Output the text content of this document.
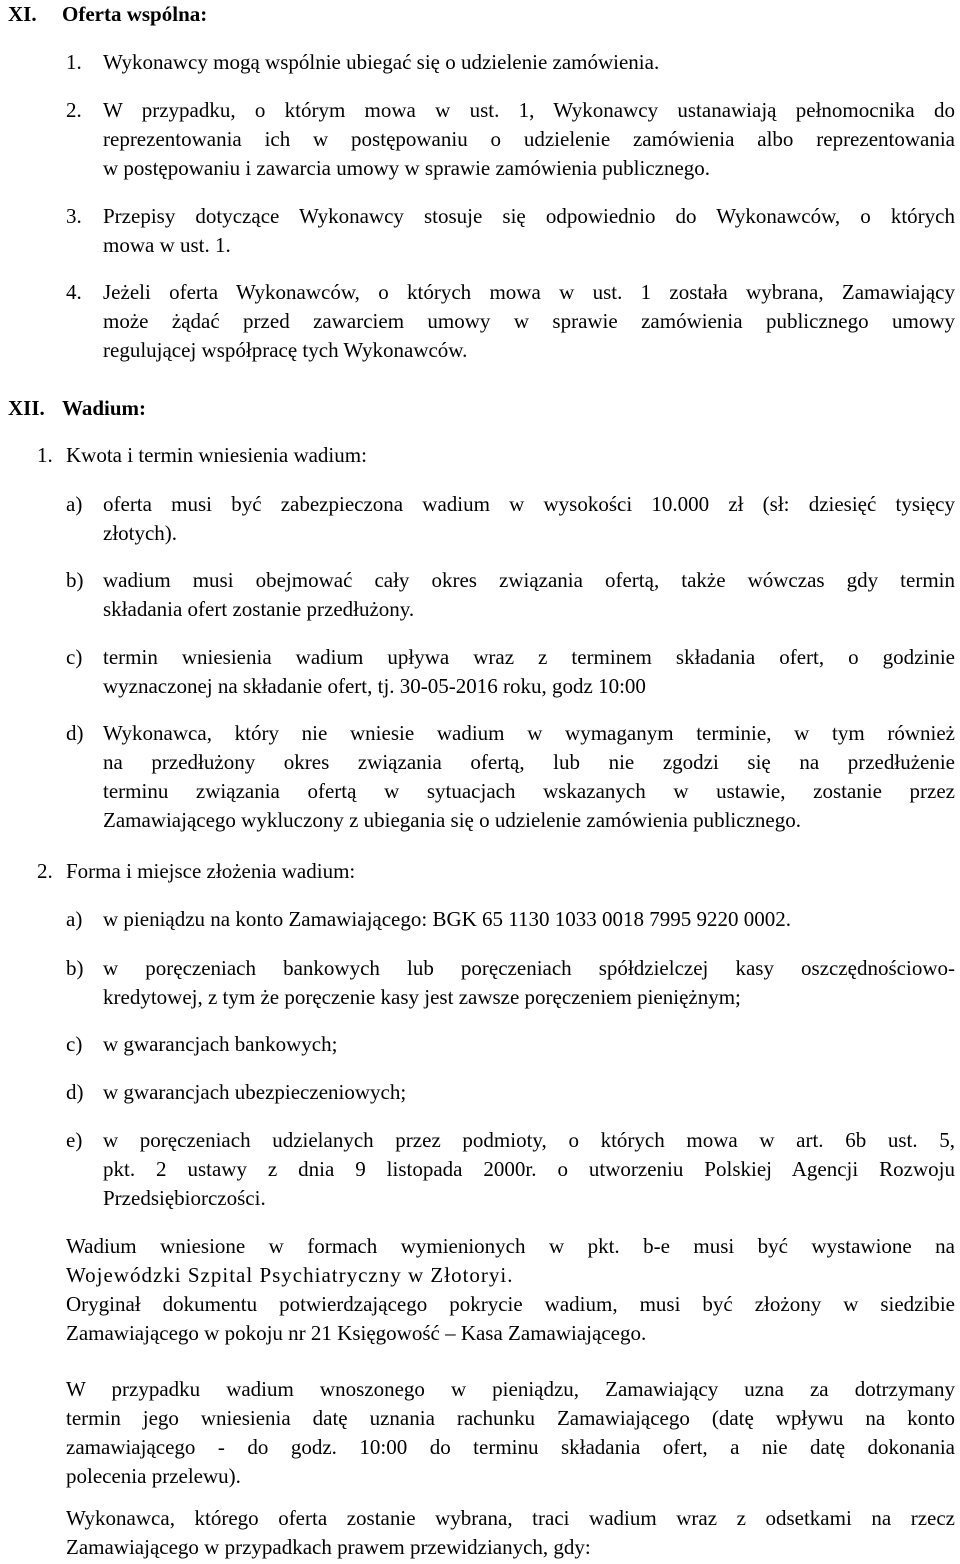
XI. Oferta wspólna:
1. Wykonawcy mogą wspólnie ubiegać się o udzielenie zamówienia.
2. W przypadku, o którym mowa w ust. 1, Wykonawcy ustanawiają pełnomocnika do
reprezentowania ich w postępowaniu o udzielenie zamówienia albo reprezentowania
w postępowaniu i zawarcia umowy w sprawie zamówienia publicznego.
3. Przepisy dotyczące Wykonawcy stosuje się odpowiednio do Wykonawców, o których
mowa w ust. 1.
4. Jeżeli oferta Wykonawców, o których mowa w ust. 1 została wybrana, Zamawiający
może żądać przed zawarciem umowy w sprawie zamówienia publicznego umowy
regulującej współpracę tych Wykonawców.
XII. Wadium:
1. Kwota i termin wniesienia wadium:
a) oferta musi być zabezpieczona wadium w wysokości 10.000 zł (sł: dziesięć tysięcy
złotych).
b) wadium musi obejmować cały okres związania ofertą, także wówczas gdy termin
składania ofert zostanie przedłużony.
c) termin wniesienia wadium upływa wraz z terminem składania ofert, o godzinie
wyznaczonej na składanie ofert, tj. 30-05-2016 roku, godz 10:00
d) Wykonawca, który nie wniesie wadium w wymaganym terminie, w tym również
na przedłużony okres związania ofertą, lub nie zgodzi się na przedłużenie
terminu związania ofertą w sytuacjach wskazanych w ustawie, zostanie przez
Zamawiającego wykluczony z ubiegania się o udzielenie zamówienia publicznego.
2. Forma i miejsce złożenia wadium:
a) w pieniądzu na konto Zamawiającego: BGK 65 1130 1033 0018 7995 9220 0002.
b) w poręczeniach bankowych lub poręczeniach spółdzielczej kasy oszczędnościowo-
kredytowej, z tym że poręczenie kasy jest zawsze poręczeniem pieniężnym;
c) w gwarancjach bankowych;
d) w gwarancjach ubezpieczeniowych;
e) w poręczeniach udzielanych przez podmioty, o których mowa w art. 6b ust. 5,
pkt. 2 ustawy z dnia 9 listopada 2000r. o utworzeniu Polskiej Agencji Rozwoju
Przedsiębiorczości.
Wadium wniesione w formach wymienionych w pkt. b-e musi być wystawione na
Wojewódzki Szpital Psychiatryczny w Złotoryi.
Oryginał dokumentu potwierdzającego pokrycie wadium, musi być złożony w siedzibie
Zamawiającego w pokoju nr 21 Księgowość – Kasa Zamawiającego.
W przypadku wadium wnoszonego w pieniądzu, Zamawiający uzna za dotrzymany
termin jego wniesienia datę uznania rachunku Zamawiającego (datę wpływu na konto
zamawiającego - do godz. 10:00 do terminu składania ofert, a nie datę dokonania
polecenia przelewu).
Wykonawca, którego oferta zostanie wybrana, traci wadium wraz z odsetkami na rzecz
Zamawiającego w przypadkach prawem przewidzianych, gdy:
